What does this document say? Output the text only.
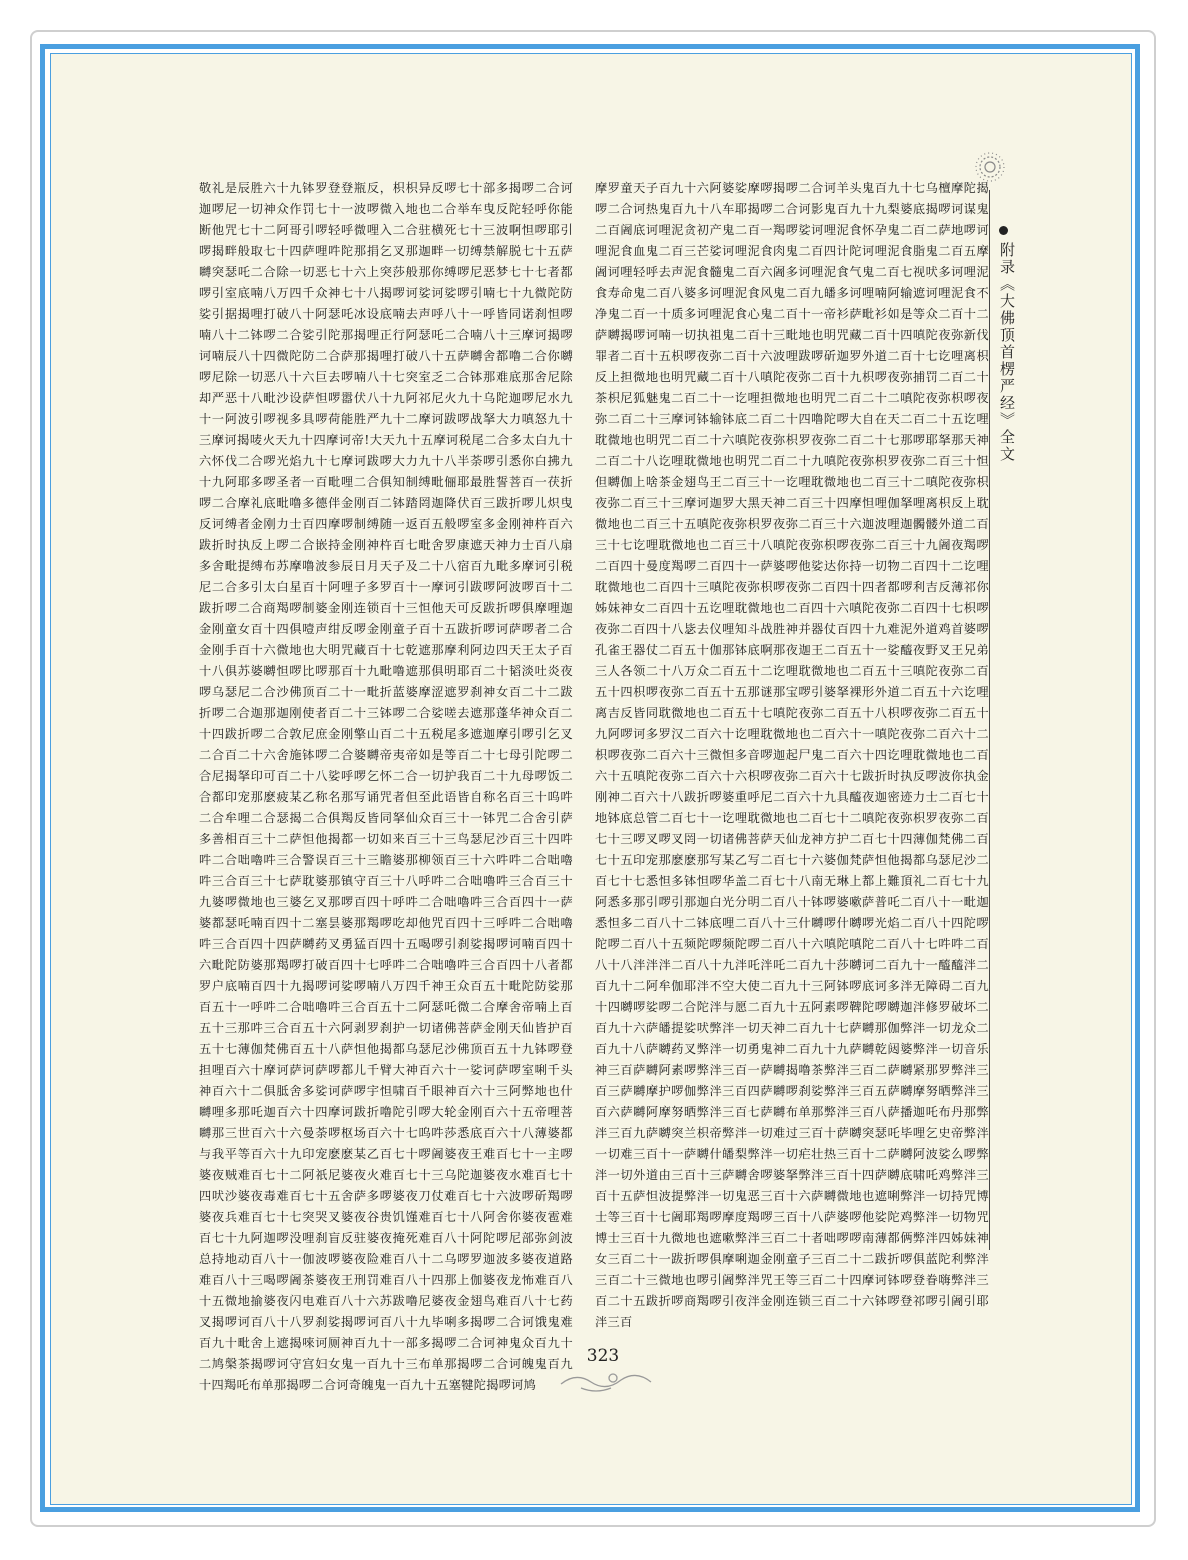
敬礼是辰胜六十九钵罗登登瓶反，枳枳异反啰七十部多揭啰二合诃迦啰尼一切神众作罚七十一波啰微入地也二合举车曳反陀轻呼你能断他咒七十二阿哥引啰轻呼微哩入二合驻横死七十三波啊怛啰耶引啰揭畔般取七十四萨哩吽陀那捐乞叉那迦畔一切缚禁解脱七十五萨嚩突瑟吒二合除一切恶七十六上突莎般那你缚啰尼恶梦七十七者都啰引室底喃八万四千众神七十八揭啰诃娑诃娑啰引喃七十九微陀防娑引据揭哩打破八十阿瑟吒冰设底喃去声呼八十一呼皆同诺刹怛啰喃八十二钵啰二合娑引陀那揭哩正行阿瑟吒二合喃八十三摩诃揭啰诃喃辰八十四微陀防二合萨那揭哩打破八十五萨嚩舍都噜二合你嚩啰尼除一切恶八十六巨去啰喃八十七突室乏二合钵那难底那舍尼除却严恶十八毗沙设萨怛啰嚣伏八十九阿祁尼火九十乌陀迦啰尼水九十一阿波引啰视多具啰荷能胜严九十二摩诃跋啰战拏大力嗔怒九十三摩诃揭唛火天九十四摩诃帝!大天九十五摩诃税尾二合多太白九十六怀伐二合啰光焰九十七摩诃跋啰大力九十八半荼啰引悉你白拂九十九阿耶多啰圣者一百毗哩二合俱知制缚毗俪耶最胜誓菩百一茯折啰二合摩礼底毗噜多德伴金刚百二钵踏罔迦降伏百三跋折啰儿炽曳反诃缚者金刚力士百四摩啰制缚随一返百五般啰室多金刚神杵百六跋折时执反上啰二合嵌持金刚神杵百七毗舍罗康遮天神力士百八扇多舍毗提缚布苏摩噜波参辰日月天子及二十八宿百九毗多摩诃引税尼二合多引太白星百十阿哩子多罗百十一摩诃引跋啰阿波啰百十二跋折啰二合商羯啰制婆金刚连锁百十三怛他天可反跋折啰俱摩哩迦金刚童女百十四俱噎声绀反啰金刚童子百十五跋折啰诃萨啰者二合金刚手百十六微地也大明咒藏百十七乾遮那摩利阿边四天王太子百十八俱苏婆嚩怛啰比啰那百十九毗噜遮那俱明耶百二十韬淡吐炎夜啰乌瑟尼二合沙佛顶百二十一毗折蓝婆摩涩遮罗刹神女百二十二跋折啰二合迦那迦刚使者百二十三钵啰二合娑嗟去遮那蓬华神众百二十四跋折啰二合敦尼庶金刚擎山百二十五税尾多遮迦摩引啰引乞叉二合百二十六舍施钵啰二合婆嚩帝夷帝如是等百二十七母引陀啰二合尼揭拏印可百二十八娑呼啰乞怀二合一切护我百二十九母啰饭二合都印宠那麽疲某乙称名那写诵咒者但至此语皆自称名百三十呜吽二合牟哩二合瑟揭二合俱羯反皆同拏仙众百三十一钵咒二合舍引萨多善相百三十二萨怛他揭都一切如来百三十三鸟瑟尼沙百三十四吽吽二合咄嚕吽三合警误百三十三瞻婆那柳领百三十六吽吽二合咄嚕吽三合百三十七萨耽婆那镇守百三十八呼吽二合咄嚕吽三合百三十九婆啰微地也三婆乞叉那啰百四十呼吽二合咄嚕吽三合百四十一萨婆都瑟吒喃百四十二塞昙婆那羯啰吃却他咒百四十三呼吽二合咄嚕吽三合百四十四萨嚩药叉勇猛百四十五喝啰引刹娑揭啰诃喃百四十六毗陀防婆那羯啰打破百四十七呼吽二合咄嚕吽三合百四十八者都罗户底喃百四十九揭啰诃娑啰喃八万四千神王众百五十毗陀防娑那百五十一呼吽二合咄嚕吽三合百五十二阿瑟吒微二合摩舍帝喃上百五十三那吽三合百五十六阿剥罗刹护一切诸佛菩萨金刚天仙皆护百五十七薄伽梵佛百五十八萨怛他揭都乌瑟尼沙佛顶百五十九钵啰登担哩百六十摩诃萨诃萨啰都儿千臂大神百六十一娑诃萨啰室唎千头神百六十二俱胝舍多娑诃萨啰宇怛啸百千眼神百六十三阿弊地也什嚩哩多那吒迦百六十四摩诃跋折噜陀引啰大轮金刚百六十五帝哩菩嚩那三世百六十六曼荼啰枢场百六十七呜吽莎悉底百六十八薄婆都与我平等百六十九印宠麽麽某乙百七十啰阇婆夜王难百七十一主啰婆夜贼难百七十二阿祇尼婆夜火难百七十三乌陀迦婆夜水难百七十四吠沙婆夜毒难百七十五舍萨多啰婆夜刀仗难百七十六波啰斫羯啰婆夜兵难百七十七突哭叉婆夜谷贵饥馑难百七十八阿舍你婆夜雹难百七十九阿迦啰没哩刹盲反驻婆夜掩死难百八十阿陀啰尼部弥剑波总持地动百八十一伽波啰婆夜险难百八十二乌啰罗迦波多婆夜道路难百八十三喝啰阇茶婆夜王刑罚难百八十四那上伽婆夜龙怖难百八十五微地揄婆夜闪电难百八十六苏跋噜尼婆夜金翅鸟难百八十七药叉揭啰诃百八十八罗刹娑揭啰诃百八十九毕唎多揭啰二合诃饿鬼难百九十毗舍上遮揭唻诃厕神百九十一部多揭啰二合诃神鬼众百九十二鸠槃茶揭啰诃守宫妇女鬼一百九十三布单那揭啰二合诃魄鬼百九十四羯吒布单那揭啰二合诃奇魄鬼一百九十五塞犍陀揭啰诃鸠
摩罗童天子百九十六阿婆娑摩啰揭啰二合诃羊头鬼百九十七乌檀摩陀揭啰二合诃热鬼百九十八车耶揭啰二合诃影鬼百九十九梨婆底揭啰诃谋鬼二百阇底诃哩泥贪初产鬼二百一羯啰娑诃哩泥食怀孕鬼二百二萨地啰诃哩泥食血鬼二百三芒娑诃哩泥食肉鬼二百四计陀诃哩泥食脂鬼二百五摩阇诃哩轻呼去声泥食髓鬼二百六阇多诃哩泥食气鬼二百七视吠多诃哩泥食寿命鬼二百八婆多诃哩泥食风鬼二百九皤多诃哩喃阿输遮诃哩泥食不净鬼二百一十质多诃哩泥食心鬼二百十一帝衫萨毗衫如是等众二百十二萨嚩揭啰诃喃一切执祖鬼二百十三毗地也明咒藏二百十四嗔陀夜弥新伐罪者二百十五枳啰夜弥二百十六波哩跋啰斫迦罗外道二百十七讫哩离枳反上担微地也明咒藏二百十八嗔陀夜弥二百十九枳啰夜弥捕罚二百二十茶枳尼狐魅鬼二百二十一讫哩担微地也明咒二百二十二嗔陀夜弥枳啰夜弥二百二十三摩诃钵输钵底二百二十四噜陀啰大自在天二百二十五讫哩耽微地也明咒二百二十六嗔陀夜弥枳罗夜弥二百二十七那啰耶拏那天神二百二十八讫哩耽微地也明咒二百二十九嗔陀夜弥枳罗夜弥二百三十怛但嚩伽上啥茶金翅鸟王二百三十一讫哩耽微地也二百三十二嗔陀夜弥枳夜弥二百三十三摩诃迦罗大黑天神二百三十四摩怛哩伽拏哩离枳反上耽微地也二百三十五嗔陀夜弥枳罗夜弥二百三十六迦波哩迦髑髅外道二百三十七讫哩耽微地也二百三十八嗔陀夜弥枳啰夜弥二百三十九阇夜羯啰二百四十曼度羯啰二百四十一萨婆啰他娑达你持一切物二百四十二讫哩耽微地也二百四十三嗔陀夜弥枳啰夜弥二百四十四者都啰利吉反薄祁你姊妹神女二百四十五讫哩耽微地也二百四十六嗔陀夜弥二百四十七枳啰夜弥二百四十八毖去仪哩知斗战胜神并器仗百四十九难泥外道鸡首婆啰孔雀王器仗二百五十伽那钵底啊那夜迦王二百五十一娑醯夜野叉王兄弟三人各领二十八万众二百五十二讫哩耽微地也二百五十三嗔陀夜弥二百五十四枳啰夜弥二百五十五那谜那宝啰引婆拏裸形外道二百五十六讫哩离吉反皆同耽微地也二百五十七嗔陀夜弥二百五十八枳啰夜弥二百五十九阿啰诃多罗汉二百六十讫哩耽微地也二百六十一嗔陀夜弥二百六十二枳啰夜弥二百六十三微怛多音啰迦起尸鬼二百六十四讫哩耽微地也二百六十五嗔陀夜弥二百六十六枳啰夜弥二百六十七跋折时执反啰波你执金刚神二百六十八跋折啰婆重呼尼二百六十九具醯夜迦密迹力士二百七十地钵底总管二百七十一讫哩耽微地也二百七十二嗔陀夜弥枳罗夜弥二百七十三啰叉啰叉罔一切诸佛菩萨天仙龙神方护二百七十四薄伽梵佛二百七十五印宠那麽麽那写某乙写二百七十六婆伽梵萨怛他揭都乌瑟尼沙二百七十七悉怛多钵怛啰华盖二百七十八南无琳上都上難頂礼二百七十九阿悉多那引啰引那迦白光分明二百八十钵啰婆嗽萨普吒二百八十一毗迦悉怛多二百八十二钵底哩二百八十三什嚩啰什嚩啰光焰二百八十四陀啰陀啰二百八十五频陀啰频陀啰二百八十六嗔陀嗔陀二百八十七吽吽二百八十八泮泮泮二百八十九泮吒泮吒二百九十莎嚩诃二百九十一醯醯泮二百九十二阿牟伽耶泮不空大使二百九十三阿钵啰底诃多泮无障碍二百九十四嚩啰娑啰二合陀泮与愿二百九十五阿素啰鞞陀啰嚩迦泮修罗破坏二百九十六萨皤提娑吠弊泮一切天神二百九十七萨嚩那伽弊泮一切龙众二百九十八萨嚩药叉弊泮一切勇鬼神二百九十九萨嚩乾闼婆弊泮一切音乐神三百萨嚩阿素啰弊泮三百一萨嚩揭噜茶弊泮三百二萨嚩紧那罗弊泮三百三萨嚩摩护啰伽弊泮三百四萨嚩啰刹娑弊泮三百五萨嚩摩努晒弊泮三百六萨嚩阿摩努晒弊泮三百七萨嚩布单那弊泮三百八萨播迦吒布丹那弊泮三百九萨嚩突兰枳帝弊泮一切难过三百十萨嚩突瑟吒毕哩乞史帝弊泮一切难三百十一萨嚩什皤梨弊泮一切疟壮热三百十二萨嚩阿波娑么啰弊泮一切外道由三百十三萨嚩舍啰婆拏弊泮三百十四萨嚩底啸吒鸡弊泮三百十五萨怛波提弊泮一切鬼恶三百十六萨嚩微地也遮唎弊泮一切持咒博士等三百十七阇耶羯啰摩度羯啰三百十八萨婆啰他娑陀鸡弊泮一切物咒博士三百十九微地也遮嗽弊泮三百二十者咄啰啰南薄都俩弊泮四姊妹神女三百二十一跋折啰俱摩唎迦金刚童子三百二十二跋折啰俱蓝陀利弊泮三百二十三微地也啰引阇弊泮咒王等三百二十四摩诃钵啰登眷嗨弊泮三百二十五跋折啰商羯啰引夜泮金刚连锁三百二十六钵啰登祁啰引阇引耶泮三百
附录《大佛顶首楞严经》全文
323
